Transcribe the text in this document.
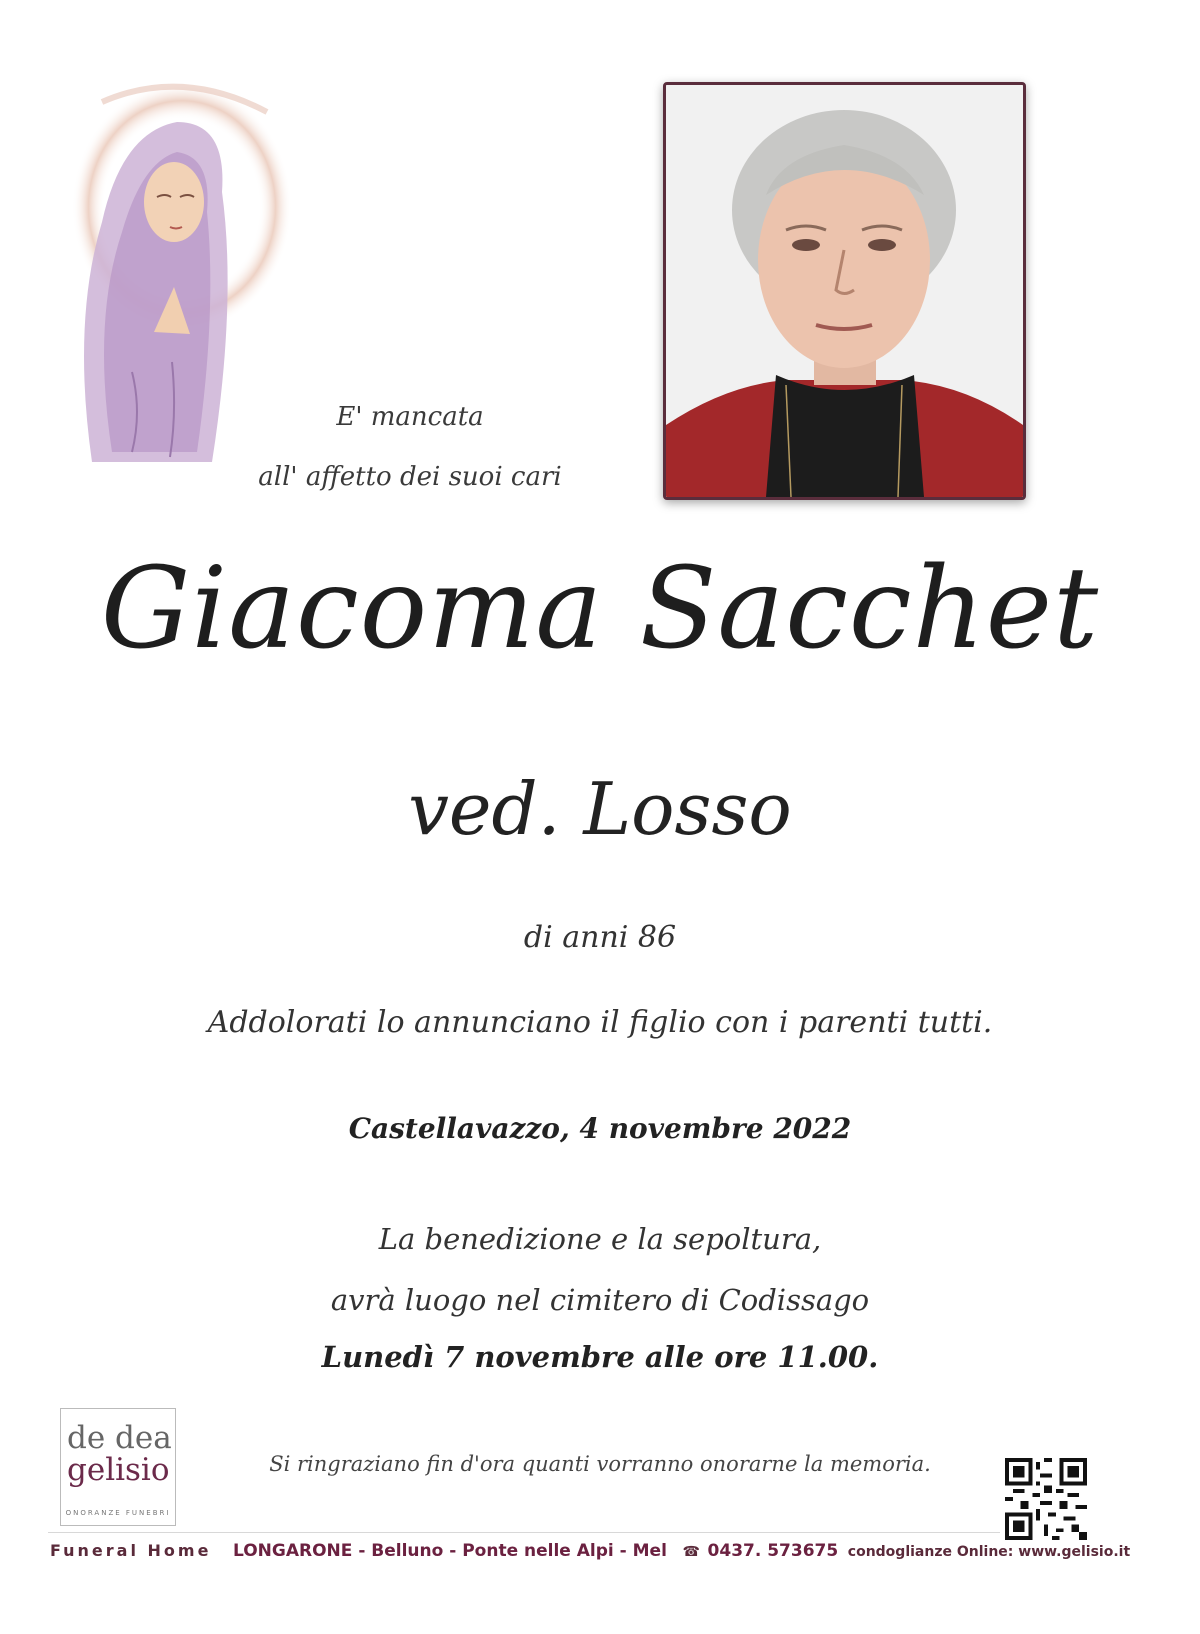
E' mancata
all' affetto dei suoi cari
Giacoma Sacchet
ved. Losso
di anni 86
Addolorati lo annunciano il figlio con i parenti tutti.
Castellavazzo, 4 novembre 2022
La benedizione e la sepoltura,
avrà luogo nel cimitero di Codissago
Lunedì 7 novembre alle ore 11.00.
de dea
gelisio
ONORANZE FUNEBRI
Si ringraziano fin d'ora quanti vorranno onorarne la memoria.
Funeral Home LONGARONE - Belluno - Ponte nelle Alpi - Mel ☎ 0437. 573675 condoglianze Online: www.gelisio.it
